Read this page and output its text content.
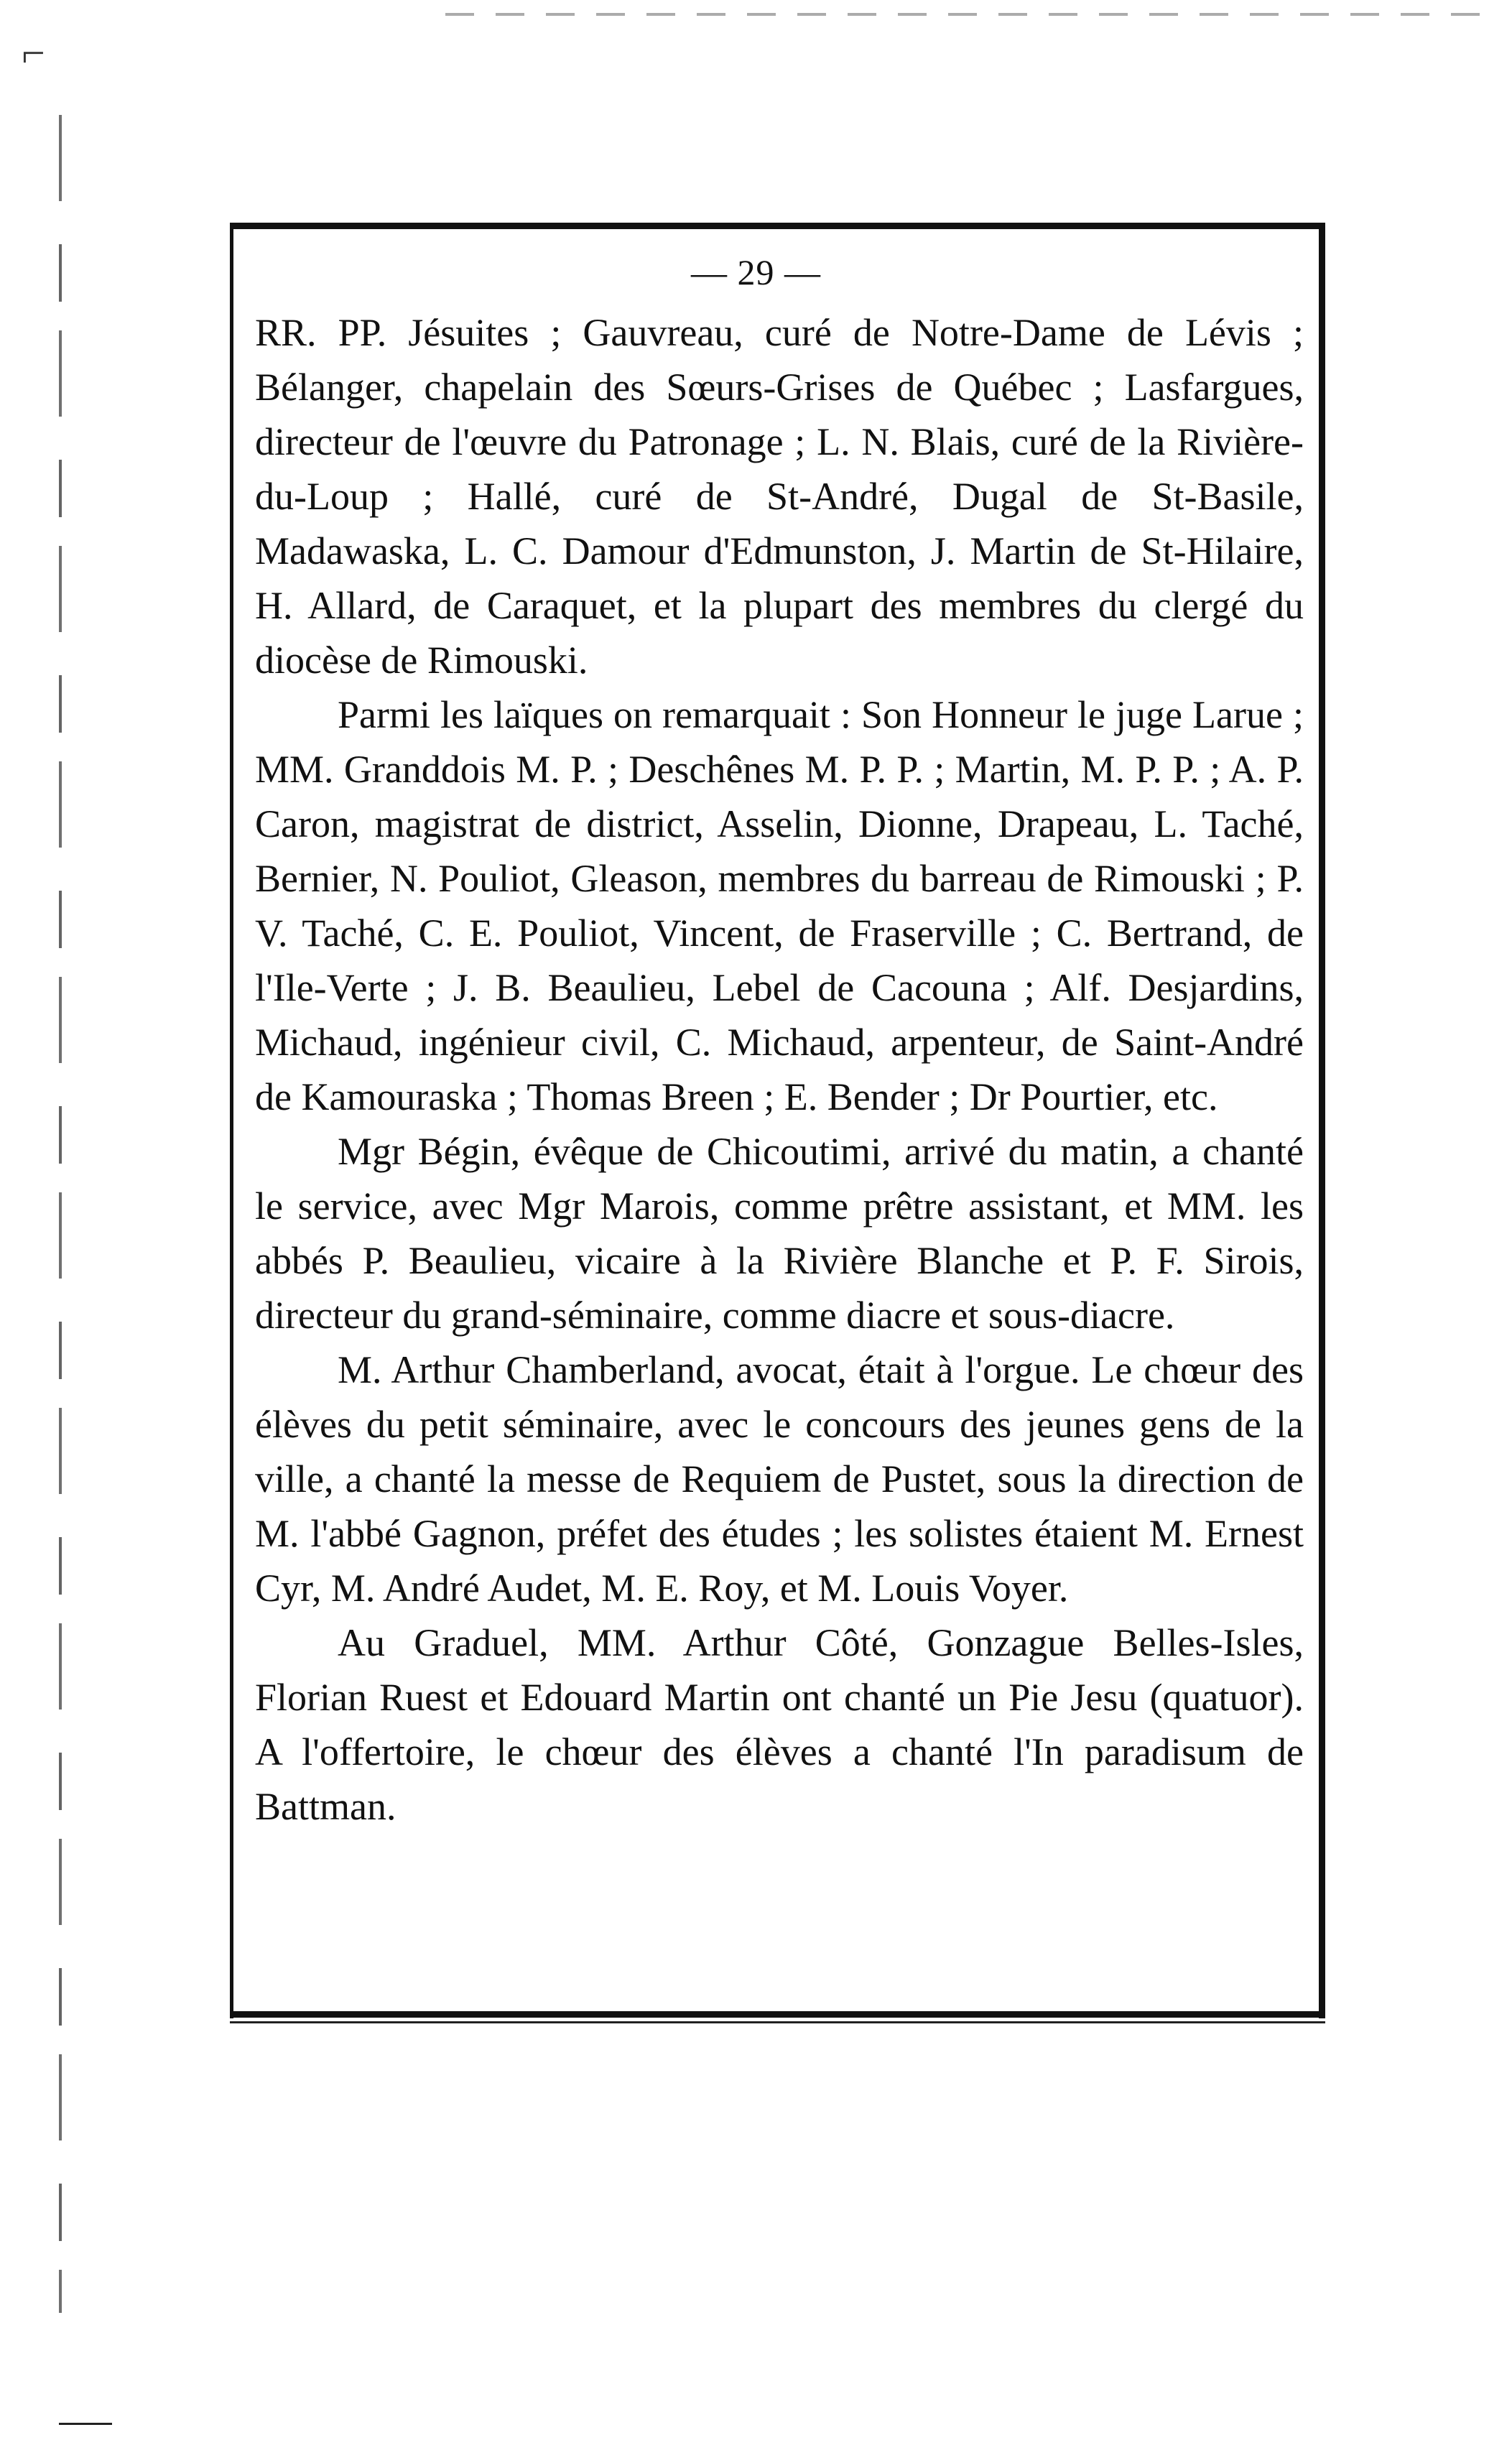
⌐
— 29 —

RR. PP. Jésuites ; Gauvreau, curé de Notre-Dame de Lévis ; Bélanger, chapelain des Sœurs-Grises de Québec ; Lasfargues, directeur de l'œuvre du Patronage ; L. N. Blais, curé de la Rivière-du-Loup ; Hallé, curé de St-André, Dugal de St-Basile, Madawaska, L. C. Damour d'Edmunston, J. Martin de St-Hilaire, H. Allard, de Caraquet, et la plupart des membres du clergé du diocèse de Rimouski.

Parmi les laïques on remarquait : Son Honneur le juge Larue ; MM. Granddois M. P. ; Deschênes M. P. P. ; Martin, M. P. P. ; A. P. Caron, magistrat de district, Asselin, Dionne, Drapeau, L. Taché, Bernier, N. Pouliot, Gleason, membres du barreau de Rimouski ; P. V. Taché, C. E. Pouliot, Vincent, de Fraserville ; C. Bertrand, de l'Ile-Verte ; J. B. Beaulieu, Lebel de Cacouna ; Alf. Desjardins, Michaud, ingénieur civil, C. Michaud, arpenteur, de Saint-André de Kamouraska ; Thomas Breen ; E. Bender ; Dr Pourtier, etc.

Mgr Bégin, évêque de Chicoutimi, arrivé du matin, a chanté le service, avec Mgr Marois, comme prêtre assistant, et MM. les abbés P. Beaulieu, vicaire à la Rivière Blanche et P. F. Sirois, directeur du grand-séminaire, comme diacre et sous-diacre.

M. Arthur Chamberland, avocat, était à l'orgue. Le chœur des élèves du petit séminaire, avec le concours des jeunes gens de la ville, a chanté la messe de Requiem de Pustet, sous la direction de M. l'abbé Gagnon, préfet des études ; les solistes étaient M. Ernest Cyr, M. André Audet, M. E. Roy, et M. Louis Voyer.

Au Graduel, MM. Arthur Côté, Gonzague Belles-Isles, Florian Ruest et Edouard Martin ont chanté un Pie Jesu (quatuor). A l'offertoire, le chœur des élèves a chanté l'In paradisum de Battman.
